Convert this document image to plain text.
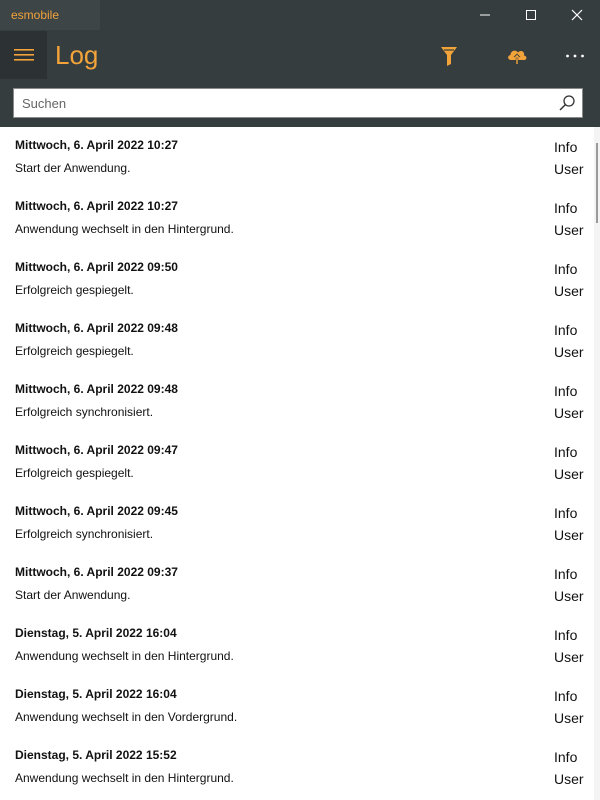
esmobile
Log
Suchen
Mittwoch, 6. April 2022 10:27
Start der Anwendung.
Info
User
Mittwoch, 6. April 2022 10:27
Anwendung wechselt in den Hintergrund.
Info
User
Mittwoch, 6. April 2022 09:50
Erfolgreich gespiegelt.
Info
User
Mittwoch, 6. April 2022 09:48
Erfolgreich gespiegelt.
Info
User
Mittwoch, 6. April 2022 09:48
Erfolgreich synchronisiert.
Info
User
Mittwoch, 6. April 2022 09:47
Erfolgreich gespiegelt.
Info
User
Mittwoch, 6. April 2022 09:45
Erfolgreich synchronisiert.
Info
User
Mittwoch, 6. April 2022 09:37
Start der Anwendung.
Info
User
Dienstag, 5. April 2022 16:04
Anwendung wechselt in den Hintergrund.
Info
User
Dienstag, 5. April 2022 16:04
Anwendung wechselt in den Vordergrund.
Info
User
Dienstag, 5. April 2022 15:52
Anwendung wechselt in den Hintergrund.
Info
User
